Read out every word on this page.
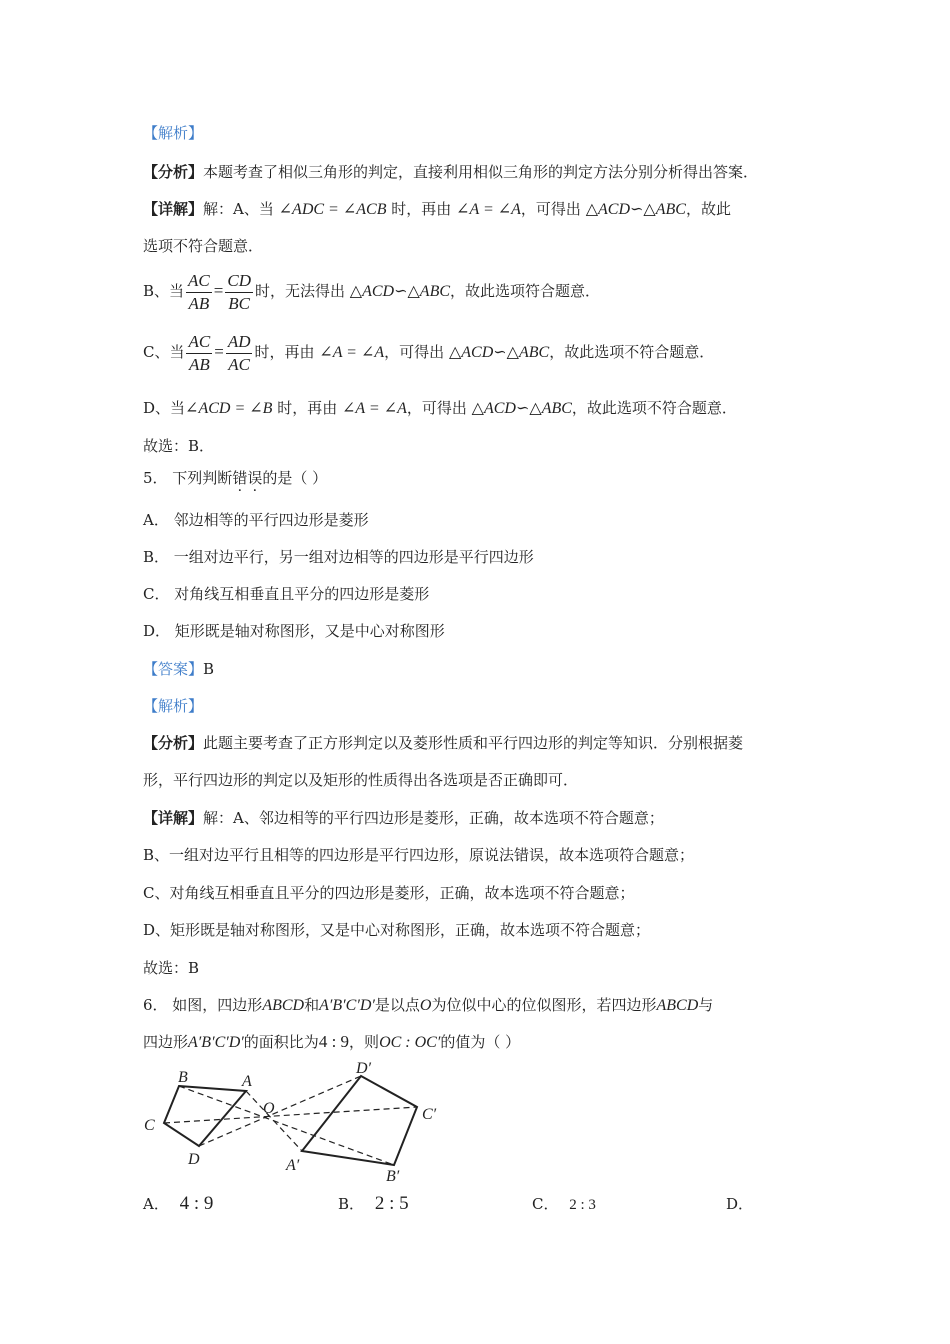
【解析】
【分析】本题考查了相似三角形的判定，直接利用相似三角形的判定方法分别分析得出答案．
【详解】解：A、当 ∠ADC = ∠ACB 时，再由 ∠A = ∠A，可得出 △ACD∽△ABC，故此
选项不符合题意．
B、当 $\frac{AC}{AB} = \frac{CD}{BC}$ 时，无法得出 △ACD∽△ABC，故此选项符合题意．
C、当 $\frac{AC}{AB} = \frac{AD}{AC}$ 时，再由 ∠A = ∠A，可得出 △ACD∽△ABC，故此选项不符合题意．
D、当∠ACD = ∠B 时，再由 ∠A = ∠A，可得出 △ACD∽△ABC，故此选项不符合题意．
故选：B．
5． 下列判断错误的是（ ）
A． 邻边相等的平行四边形是菱形
B． 一组对边平行，另一组对边相等的四边形是平行四边形
C． 对角线互相垂直且平分的四边形是菱形
D． 矩形既是轴对称图形，又是中心对称图形
【答案】B
【解析】
【分析】此题主要考查了正方形判定以及菱形性质和平行四边形的判定等知识．分别根据菱
形，平行四边形的判定以及矩形的性质得出各选项是否正确即可．
【详解】解：A、邻边相等的平行四边形是菱形，正确，故本选项不符合题意；
B、一组对边平行且相等的四边形是平行四边形，原说法错误，故本选项符合题意；
C、对角线互相垂直且平分的四边形是菱形，正确，故本选项不符合题意；
D、矩形既是轴对称图形，又是中心对称图形，正确，故本选项不符合题意；
故选：B
6． 如图，四边形ABCD和A′B′C′D′是以点O为位似中心的位似图形，若四边形ABCD与
四边形A′B′C′D′的面积比为4 : 9，则OC : OC′的值为（ ）
B	A
O
C
D
D′
C′
A′
B′
A． 4 : 9	B． 2 : 5	C． 2 : 3	D．
